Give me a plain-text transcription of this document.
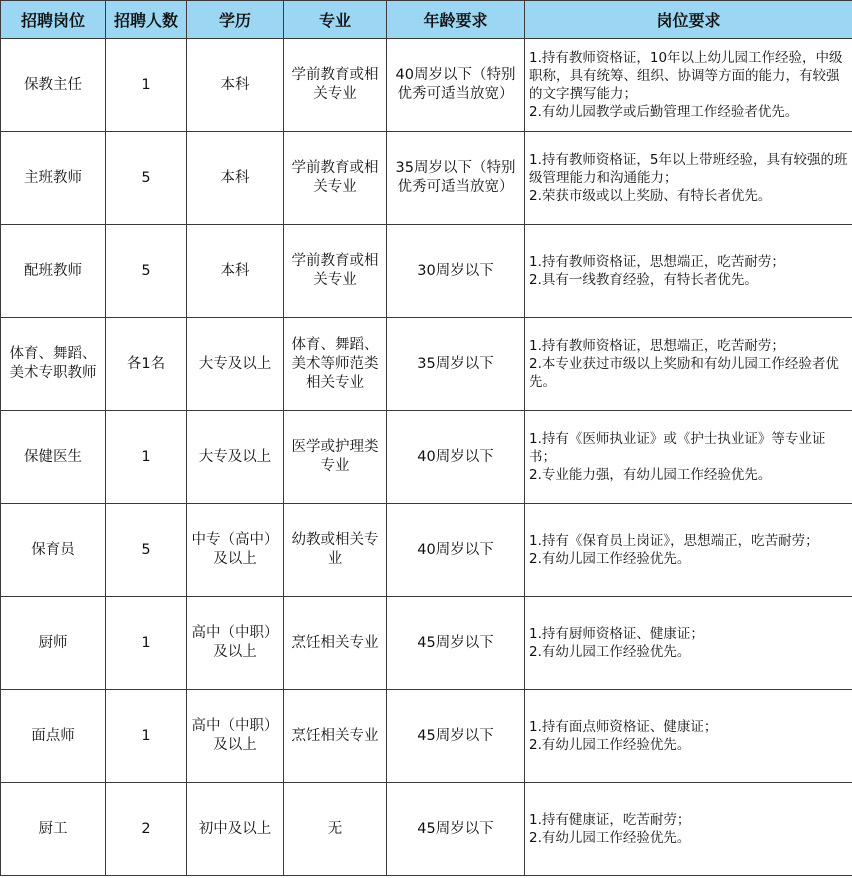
招聘岗位	招聘人数	学历	专业	年龄要求	岗位要求
保教主任	1	本科	学前教育或相关专业	40周岁以下（特别优秀可适当放宽）	1.持有教师资格证，10年以上幼儿园工作经验，中级职称，具有统筹、组织、协调等方面的能力，有较强的文字撰写能力；
2.有幼儿园教学或后勤管理工作经验者优先。

主班教师	5	本科	学前教育或相关专业	35周岁以下（特别优秀可适当放宽）	1.持有教师资格证，5年以上带班经验，具有较强的班级管理能力和沟通能力；
2.荣获市级或以上奖励、有特长者优先。

配班教师	5	本科	学前教育或相关专业	30周岁以下	1.持有教师资格证，思想端正，吃苦耐劳；
2.具有一线教育经验，有特长者优先。

体育、舞蹈、美术专职教师	各1名	大专及以上	体育、舞蹈、美术等师范类相关专业	35周岁以下	1.持有教师资格证，思想端正，吃苦耐劳；
2.本专业获过市级以上奖励和有幼儿园工作经验者优先。

保健医生	1	大专及以上	医学或护理类专业	40周岁以下	1.持有《医师执业证》或《护士执业证》等专业证书；
2.专业能力强，有幼儿园工作经验优先。

保育员	5	中专（高中）及以上	幼教或相关专业	40周岁以下	1.持有《保育员上岗证》，思想端正，吃苦耐劳；
2.有幼儿园工作经验优先。

厨师	1	高中（中职）及以上	烹饪相关专业	45周岁以下	1.持有厨师资格证、健康证；
2.有幼儿园工作经验优先。

面点师	1	高中（中职）及以上	烹饪相关专业	45周岁以下	1.持有面点师资格证、健康证；
2.有幼儿园工作经验优先。

厨工	2	初中及以上	无	45周岁以下	1.持有健康证，吃苦耐劳；
2.有幼儿园工作经验优先。
